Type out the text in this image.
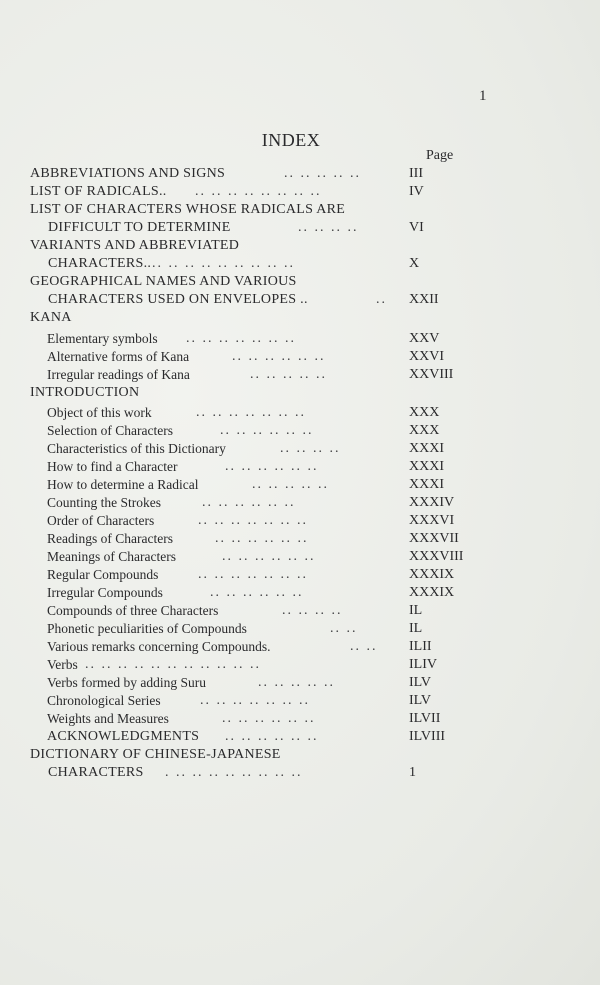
1
INDEX
Page
ABBREVIATIONS AND SIGNS	.. .. .. .. ..	III
LIST OF RADICALS.. .. .. .. .. .. .. .. ..	IV
LIST OF CHARACTERS WHOSE RADICALS ARE
DIFFICULT TO DETERMINE	.. .. .. ..	VI
VARIANTS AND ABBREVIATED
CHARACTERS.. .. .. .. .. .. .. .. .. ..	X
GEOGRAPHICAL NAMES AND VARIOUS
CHARACTERS USED ON ENVELOPES ..	.. XXII
KANA
Elementary symbols .. .. .. .. .. .. ..	XXV
Alternative forms of Kana	.. .. .. .. .. ..	XXVI
Irregular readings of Kana	.. .. .. .. ..	XXVIII
INTRODUCTION
Object of this work	.. .. .. .. .. .. ..	XXX
Selection of Characters	.. .. .. .. .. ..	XXX
Characteristics of this Dictionary	.. .. .. ..	XXXI
How to find a Character	.. .. .. .. .. ..	XXXI
How to determine a Radical	.. .. .. .. ..	XXXI
Counting the Strokes	.. .. .. .. .. ..	XXXIV
Order of Characters	.. .. .. .. .. .. ..	XXXVI
Readings of Characters	.. .. .. .. .. ..	XXXVII
Meanings of Characters	.. .. .. .. .. ..	XXXVIII
Regular Compounds	.. .. .. .. .. .. ..	XXXIX
Irregular Compounds	.. .. .. .. .. ..	XXXIX
Compounds of three Characters	.. .. .. ..	IL
Phonetic peculiarities of Compounds	.. ..	IL
Various remarks concerning Compounds.	.. .. ILII
Verbs .. .. .. .. .. .. .. .. .. .. ..	ILIV
Verbs formed by adding Suru	.. .. .. .. ..	ILV
Chronological Series	.. .. .. .. .. .. ..	ILV
Weights and Measures	.. .. .. .. .. ..	ILVII
ACKNOWLEDGMENTS .. .. .. .. .. ..	ILVIII
DICTIONARY OF CHINESE-JAPANESE
CHARACTERS . .. .. .. .. .. .. .. ..	1
